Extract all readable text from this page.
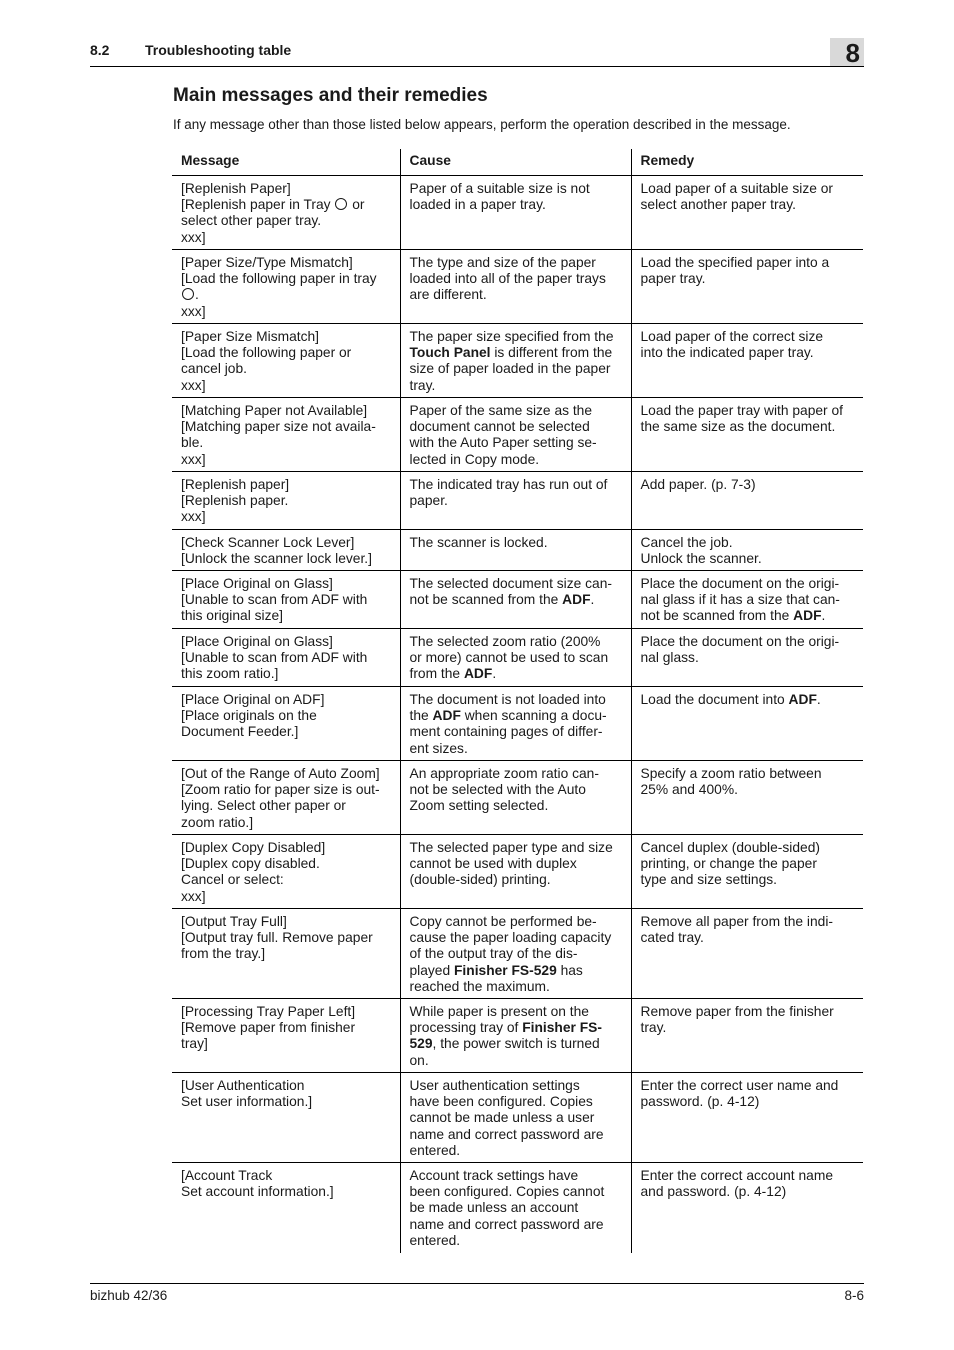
8.2	Troubleshooting table	8
Main messages and their remedies

If any message other than those listed below appears, perform the operation described in the message.

Message	Cause	Remedy

[Replenish Paper]
[Replenish paper in Tray  or
select other paper tray.
xxx]	Paper of a suitable size is not
loaded in a paper tray.	Load paper of a suitable size or
select another paper tray.

[Paper Size/Type Mismatch]
[Load the following paper in tray
.
xxx]	The type and size of the paper
loaded into all of the paper trays
are different.	Load the specified paper into a
paper tray.

[Paper Size Mismatch]
[Load the following paper or
cancel job.
xxx]	The paper size specified from the
Touch Panel is different from the
size of paper loaded in the paper
tray.	Load paper of the correct size
into the indicated paper tray.

[Matching Paper not Available]
[Matching paper size not availa-
ble.
xxx]	Paper of the same size as the
document cannot be selected
with the Auto Paper setting se-
lected in Copy mode.	Load the paper tray with paper of
the same size as the document.

[Replenish paper]
[Replenish paper.
xxx]	The indicated tray has run out of
paper.	Add paper. (p. 7-3)

[Check Scanner Lock Lever]
[Unlock the scanner lock lever.]	The scanner is locked.	Cancel the job.
Unlock the scanner.

[Place Original on Glass]
[Unable to scan from ADF with
this original size]	The selected document size can-
not be scanned from the ADF.	Place the document on the origi-
nal glass if it has a size that can-
not be scanned from the ADF.

[Place Original on Glass]
[Unable to scan from ADF with
this zoom ratio.]	The selected zoom ratio (200%
or more) cannot be used to scan
from the ADF.	Place the document on the origi-
nal glass.

[Place Original on ADF]
[Place originals on the
Document Feeder.]	The document is not loaded into
the ADF when scanning a docu-
ment containing pages of differ-
ent sizes.	Load the document into ADF.

[Out of the Range of Auto Zoom]
[Zoom ratio for paper size is out-
lying. Select other paper or
zoom ratio.]	An appropriate zoom ratio can-
not be selected with the Auto
Zoom setting selected.	Specify a zoom ratio between
25% and 400%.

[Duplex Copy Disabled]
[Duplex copy disabled.
Cancel or select:
xxx]	The selected paper type and size
cannot be used with duplex
(double-sided) printing.	Cancel duplex (double-sided)
printing, or change the paper
type and size settings.

[Output Tray Full]
[Output tray full. Remove paper
from the tray.]	Copy cannot be performed be-
cause the paper loading capacity
of the output tray of the dis-
played Finisher FS-529 has
reached the maximum.	Remove all paper from the indi-
cated tray.

[Processing Tray Paper Left]
[Remove paper from finisher
tray]	While paper is present on the
processing tray of Finisher FS-
529, the power switch is turned
on.	Remove paper from the finisher
tray.

[User Authentication
Set user information.]	User authentication settings
have been configured. Copies
cannot be made unless a user
name and correct password are
entered.	Enter the correct user name and
password. (p. 4-12)

[Account Track
Set account information.]	Account track settings have
been configured. Copies cannot
be made unless an account
name and correct password are
entered.	Enter the correct account name
and password. (p. 4-12)
bizhub 42/36	8-6
